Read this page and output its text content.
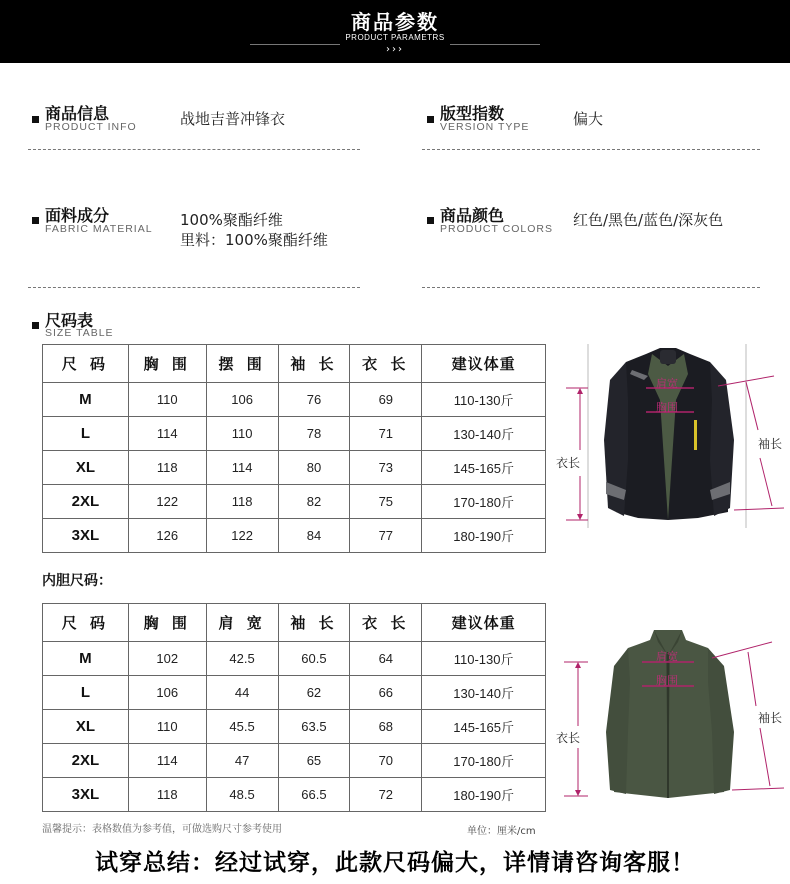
商品参数
PRODUCT PARAMETRS
›››
商品信息
PRODUCT INFO	战地吉普冲锋衣	版型指数
VERSION TYPE	偏大
面料成分
FABRIC MATERIAL 100%聚酯纤维
里料：100%聚酯纤维
商品颜色
PRODUCT COLORS 红色/黑色/蓝色/深灰色
尺码表
SIZE TABLE
尺 码	胸 围	摆 围	袖 长	衣 长	建议体重
M	110	106	76	69	110-130斤
L	114	110	78	71	130-140斤
XL	118	114	80	73	145-165斤
2XL	122	118	82	75	170-180斤
3XL	126	122	84	77	180-190斤
衣长
袖长
肩宽
胸围
内胆尺码：
尺 码	胸 围	肩 宽	袖 长	衣 长	建议体重
M	102	42.5	60.5	64	110-130斤
L	106	44	62	66	130-140斤
XL	110	45.5	63.5	68	145-165斤
2XL	114	47	65	70	170-180斤
3XL	118	48.5	66.5	72	180-190斤
衣长
袖长
肩宽
胸围
温馨提示：表格数值为参考值，可做选购尺寸参考使用	单位：厘米/cm
试穿总结：经过试穿，此款尺码偏大，详情请咨询客服！
